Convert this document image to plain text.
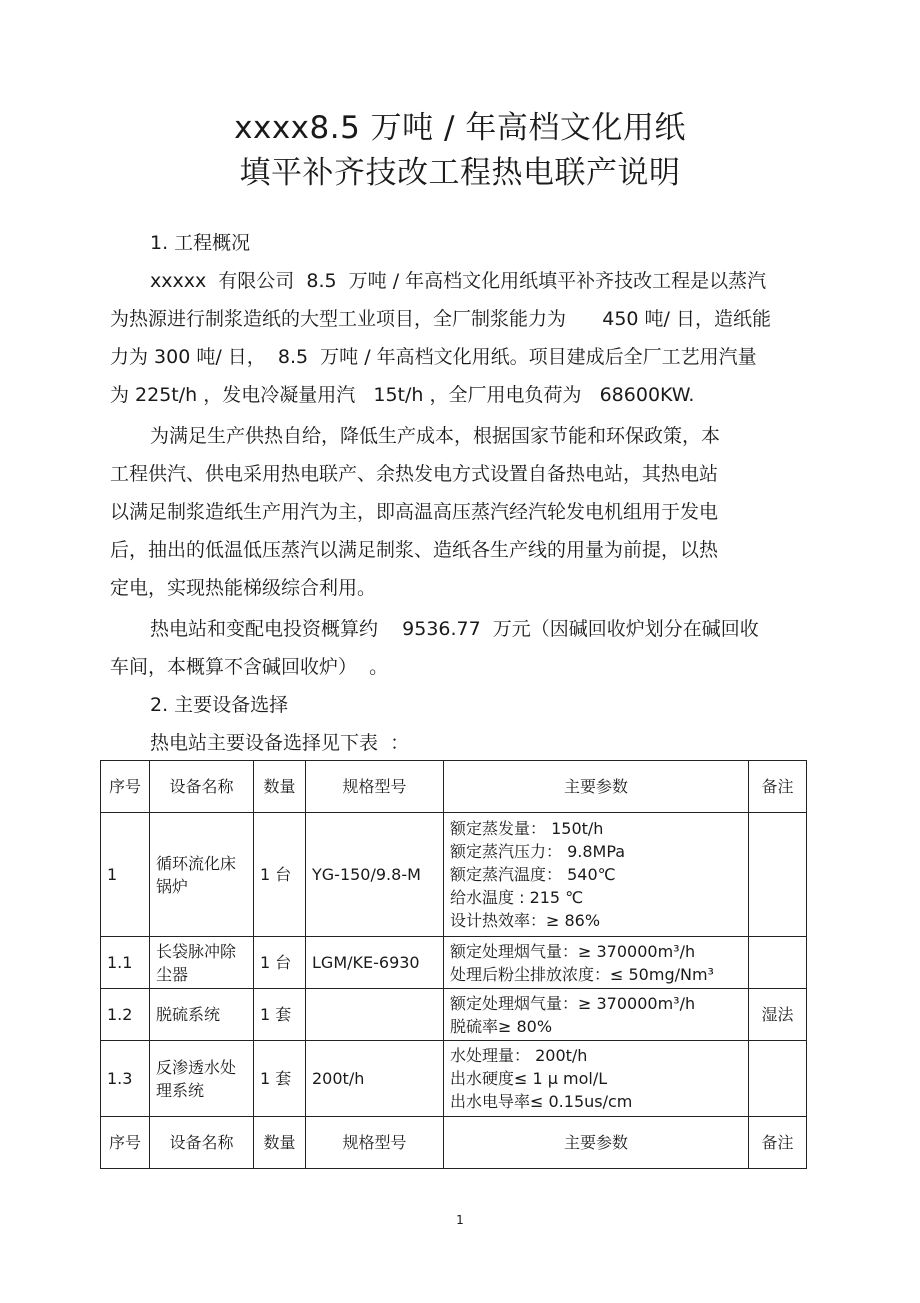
xxxx8.5 万吨 / 年高档文化用纸
填平补齐技改工程热电联产说明
1. 工程概况
xxxxx  有限公司  8.5  万吨 / 年高档文化用纸填平补齐技改工程是以蒸汽
为热源进行制浆造纸的大型工业项目，全厂制浆能力为      450 吨/ 日，造纸能
力为 300 吨/ 日，  8.5  万吨 / 年高档文化用纸。项目建成后全厂工艺用汽量
为 225t/h ，发电冷凝量用汽   15t/h ，全厂用电负荷为   68600KW.
为满足生产供热自给，降低生产成本，根据国家节能和环保政策，本
工程供汽、供电采用热电联产、余热发电方式设置自备热电站，其热电站
以满足制浆造纸生产用汽为主，即高温高压蒸汽经汽轮发电机组用于发电
后，抽出的低温低压蒸汽以满足制浆、造纸各生产线的用量为前提，以热
定电，实现热能梯级综合利用。
热电站和变配电投资概算约    9536.77  万元（因碱回收炉划分在碱回收
车间，本概算不含碱回收炉）  。
2. 主要设备选择
热电站主要设备选择见下表  ：
序号	设备名称	数量	规格型号	主要参数	备注
1	循环流化床锅炉	1 台	YG-150/9.8-M	额定蒸发量： 150t/h
额定蒸汽压力： 9.8MPa
额定蒸汽温度： 540℃
给水温度 : 215 ℃
设计热效率：≥ 86%	

1.1	长袋脉冲除尘器	1 台	LGM/KE-6930	额定处理烟气量：≥ 370000m³/h
处理后粉尘排放浓度：≤ 50mg/Nm³	

1.2	脱硫系统	1 套		额定处理烟气量：≥ 370000m³/h
脱硫率≥ 80%	湿法
1.3	反渗透水处理系统	1 套	200t/h	水处理量： 200t/h
出水硬度≤ 1 μ mol/L
出水电导率≤ 0.15us/cm	

序号	设备名称	数量	规格型号	主要参数	备注
1
